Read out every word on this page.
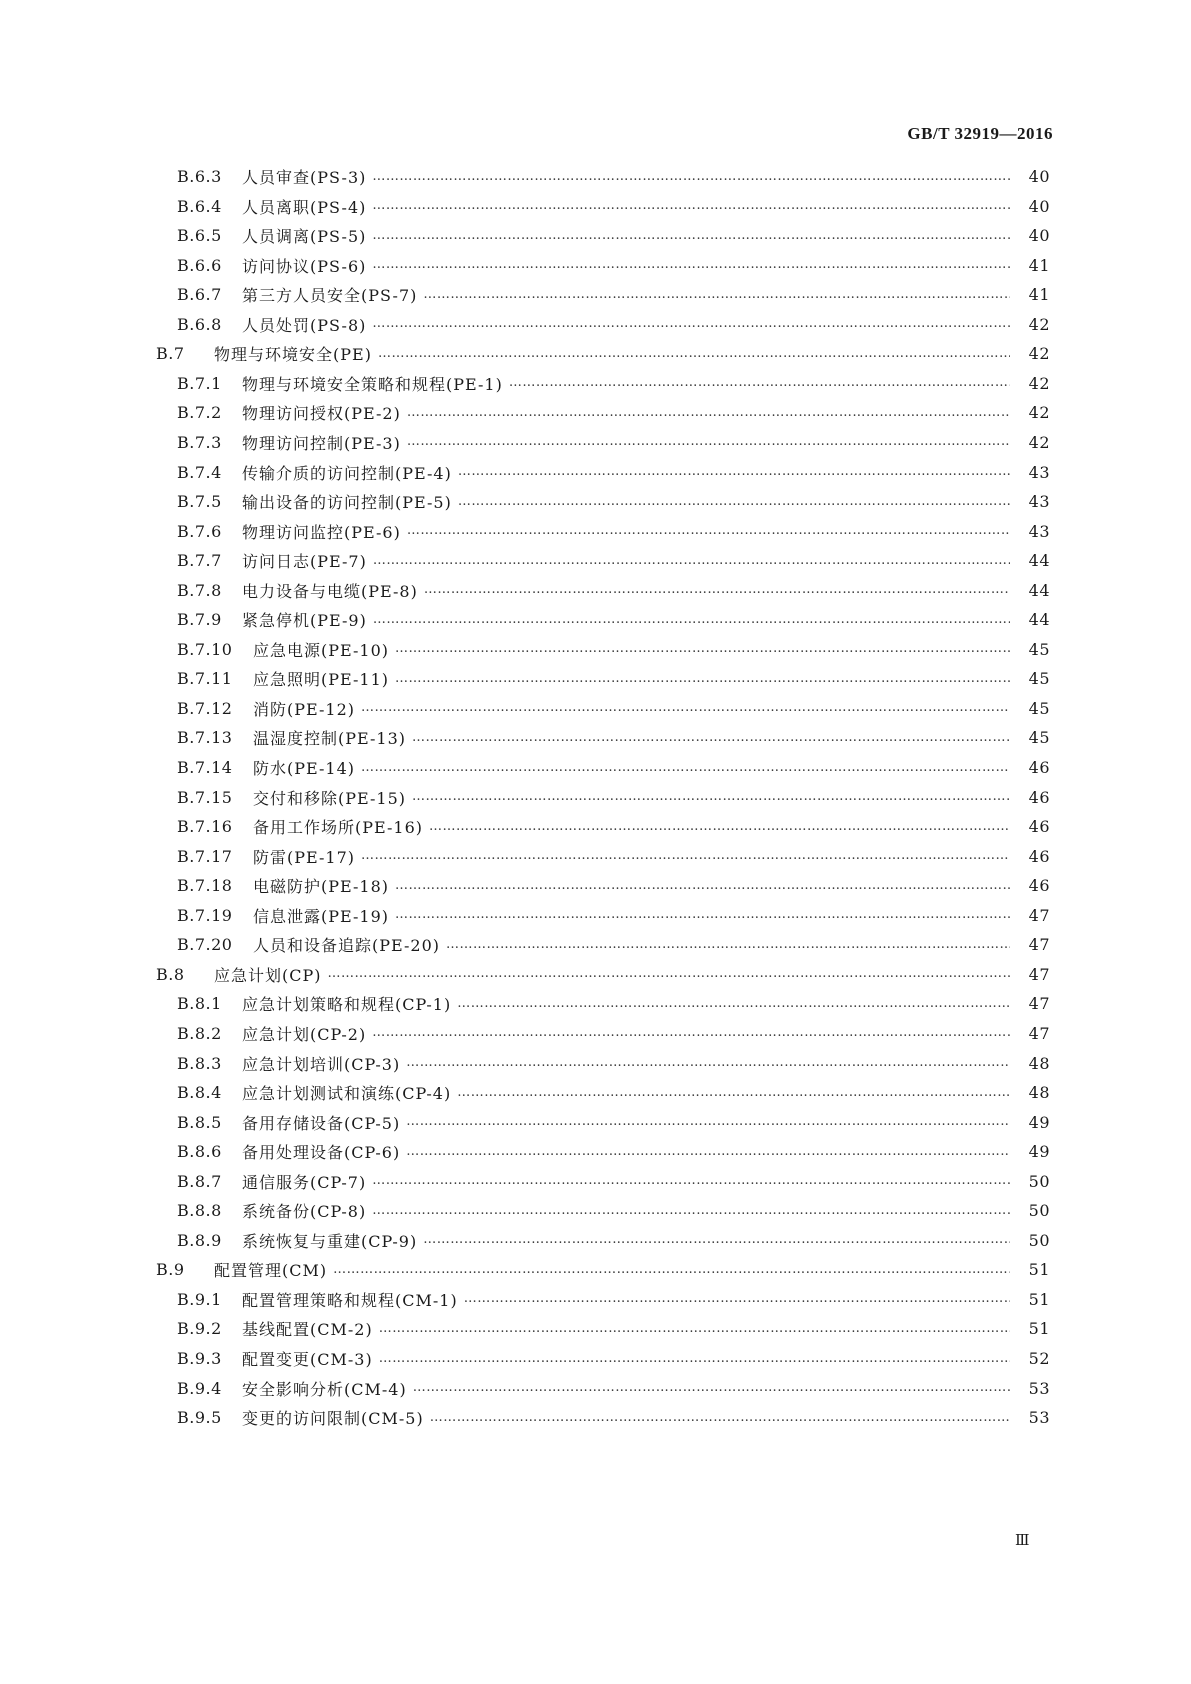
GB/T 32919—2016
B.6.3	人员审查(PS-3) …………………………………………………………………………………………………………………………………………………………………………………………………………………………………………………	40
B.6.4	人员离职(PS-4) …………………………………………………………………………………………………………………………………………………………………………………………………………………………………………………	40
B.6.5	人员调离(PS-5) …………………………………………………………………………………………………………………………………………………………………………………………………………………………………………………	40
B.6.6	访问协议(PS-6) …………………………………………………………………………………………………………………………………………………………………………………………………………………………………………………	41
B.6.7	第三方人员安全(PS-7) …………………………………………………………………………………………………………………………………………………………………………………………………………………………………………………	41
B.6.8	人员处罚(PS-8) …………………………………………………………………………………………………………………………………………………………………………………………………………………………………………………	42
B.7	物理与环境安全(PE) …………………………………………………………………………………………………………………………………………………………………………………………………………………………………………………	42
B.7.1	物理与环境安全策略和规程(PE-1) …………………………………………………………………………………………………………………………………………………………………………………………………………………………………………………	42
B.7.2	物理访问授权(PE-2) …………………………………………………………………………………………………………………………………………………………………………………………………………………………………………………	42
B.7.3	物理访问控制(PE-3) …………………………………………………………………………………………………………………………………………………………………………………………………………………………………………………	42
B.7.4	传输介质的访问控制(PE-4) …………………………………………………………………………………………………………………………………………………………………………………………………………………………………………………	43
B.7.5	输出设备的访问控制(PE-5) …………………………………………………………………………………………………………………………………………………………………………………………………………………………………………………	43
B.7.6	物理访问监控(PE-6) …………………………………………………………………………………………………………………………………………………………………………………………………………………………………………………	43
B.7.7	访问日志(PE-7) …………………………………………………………………………………………………………………………………………………………………………………………………………………………………………………	44
B.7.8	电力设备与电缆(PE-8) …………………………………………………………………………………………………………………………………………………………………………………………………………………………………………………	44
B.7.9	紧急停机(PE-9) …………………………………………………………………………………………………………………………………………………………………………………………………………………………………………………	44
B.7.10	应急电源(PE-10) …………………………………………………………………………………………………………………………………………………………………………………………………………………………………………………	45
B.7.11	应急照明(PE-11) …………………………………………………………………………………………………………………………………………………………………………………………………………………………………………………	45
B.7.12	消防(PE-12) …………………………………………………………………………………………………………………………………………………………………………………………………………………………………………………	45
B.7.13	温湿度控制(PE-13) …………………………………………………………………………………………………………………………………………………………………………………………………………………………………………………	45
B.7.14	防水(PE-14) …………………………………………………………………………………………………………………………………………………………………………………………………………………………………………………	46
B.7.15	交付和移除(PE-15) …………………………………………………………………………………………………………………………………………………………………………………………………………………………………………………	46
B.7.16	备用工作场所(PE-16) …………………………………………………………………………………………………………………………………………………………………………………………………………………………………………………	46
B.7.17	防雷(PE-17) …………………………………………………………………………………………………………………………………………………………………………………………………………………………………………………	46
B.7.18	电磁防护(PE-18) …………………………………………………………………………………………………………………………………………………………………………………………………………………………………………………	46
B.7.19	信息泄露(PE-19) …………………………………………………………………………………………………………………………………………………………………………………………………………………………………………………	47
B.7.20	人员和设备追踪(PE-20) …………………………………………………………………………………………………………………………………………………………………………………………………………………………………………………	47
B.8	应急计划(CP) …………………………………………………………………………………………………………………………………………………………………………………………………………………………………………………	47
B.8.1	应急计划策略和规程(CP-1) …………………………………………………………………………………………………………………………………………………………………………………………………………………………………………………	47
B.8.2	应急计划(CP-2) …………………………………………………………………………………………………………………………………………………………………………………………………………………………………………………	47
B.8.3	应急计划培训(CP-3) …………………………………………………………………………………………………………………………………………………………………………………………………………………………………………………	48
B.8.4	应急计划测试和演练(CP-4) …………………………………………………………………………………………………………………………………………………………………………………………………………………………………………………	48
B.8.5	备用存储设备(CP-5) …………………………………………………………………………………………………………………………………………………………………………………………………………………………………………………	49
B.8.6	备用处理设备(CP-6) …………………………………………………………………………………………………………………………………………………………………………………………………………………………………………………	49
B.8.7	通信服务(CP-7) …………………………………………………………………………………………………………………………………………………………………………………………………………………………………………………	50
B.8.8	系统备份(CP-8) …………………………………………………………………………………………………………………………………………………………………………………………………………………………………………………	50
B.8.9	系统恢复与重建(CP-9) …………………………………………………………………………………………………………………………………………………………………………………………………………………………………………………	50
B.9	配置管理(CM) …………………………………………………………………………………………………………………………………………………………………………………………………………………………………………………	51
B.9.1	配置管理策略和规程(CM-1) …………………………………………………………………………………………………………………………………………………………………………………………………………………………………………………	51
B.9.2	基线配置(CM-2) …………………………………………………………………………………………………………………………………………………………………………………………………………………………………………………	51
B.9.3	配置变更(CM-3) …………………………………………………………………………………………………………………………………………………………………………………………………………………………………………………	52
B.9.4	安全影响分析(CM-4) …………………………………………………………………………………………………………………………………………………………………………………………………………………………………………………	53
B.9.5	变更的访问限制(CM-5) …………………………………………………………………………………………………………………………………………………………………………………………………………………………………………………	53
Ⅲ
